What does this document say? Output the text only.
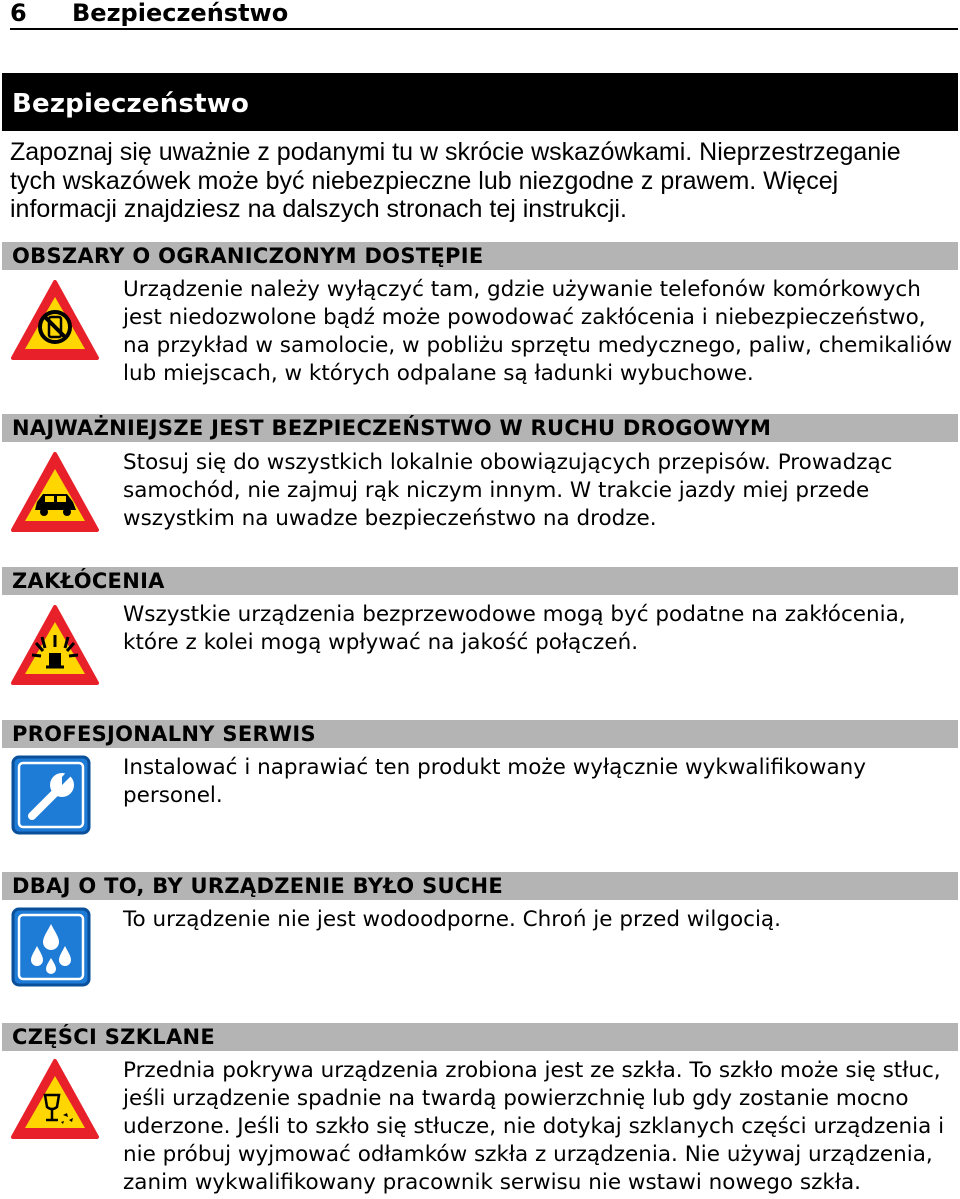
6 Bezpieczeństwo
Bezpieczeństwo
Zapoznaj się uważnie z podanymi tu w skrócie wskazówkami. Nieprzestrzeganie tych wskazówek może być niebezpieczne lub niezgodne z prawem. Więcej informacji znajdziesz na dalszych stronach tej instrukcji.
OBSZARY O OGRANICZONYM DOSTĘPIE
Urządzenie należy wyłączyć tam, gdzie używanie telefonów komórkowych jest niedozwolone bądź może powodować zakłócenia i niebezpieczeństwo, na przykład w samolocie, w pobliżu sprzętu medycznego, paliw, chemikaliów lub miejscach, w których odpalane są ładunki wybuchowe.
NAJWAŻNIEJSZE JEST BEZPIECZEŃSTWO W RUCHU DROGOWYM
Stosuj się do wszystkich lokalnie obowiązujących przepisów. Prowadząc samochód, nie zajmuj rąk niczym innym. W trakcie jazdy miej przede wszystkim na uwadze bezpieczeństwo na drodze.
ZAKŁÓCENIA
Wszystkie urządzenia bezprzewodowe mogą być podatne na zakłócenia, które z kolei mogą wpływać na jakość połączeń.
PROFESJONALNY SERWIS
Instalować i naprawiać ten produkt może wyłącznie wykwalifikowany personel.
DBAJ O TO, BY URZĄDZENIE BYŁO SUCHE
To urządzenie nie jest wodoodporne. Chroń je przed wilgocią.
CZĘŚCI SZKLANE
Przednia pokrywa urządzenia zrobiona jest ze szkła. To szkło może się stłuc, jeśli urządzenie spadnie na twardą powierzchnię lub gdy zostanie mocno uderzone. Jeśli to szkło się stłucze, nie dotykaj szklanych części urządzenia i nie próbuj wyjmować odłamków szkła z urządzenia. Nie używaj urządzenia, zanim wykwalifikowany pracownik serwisu nie wstawi nowego szkła.
